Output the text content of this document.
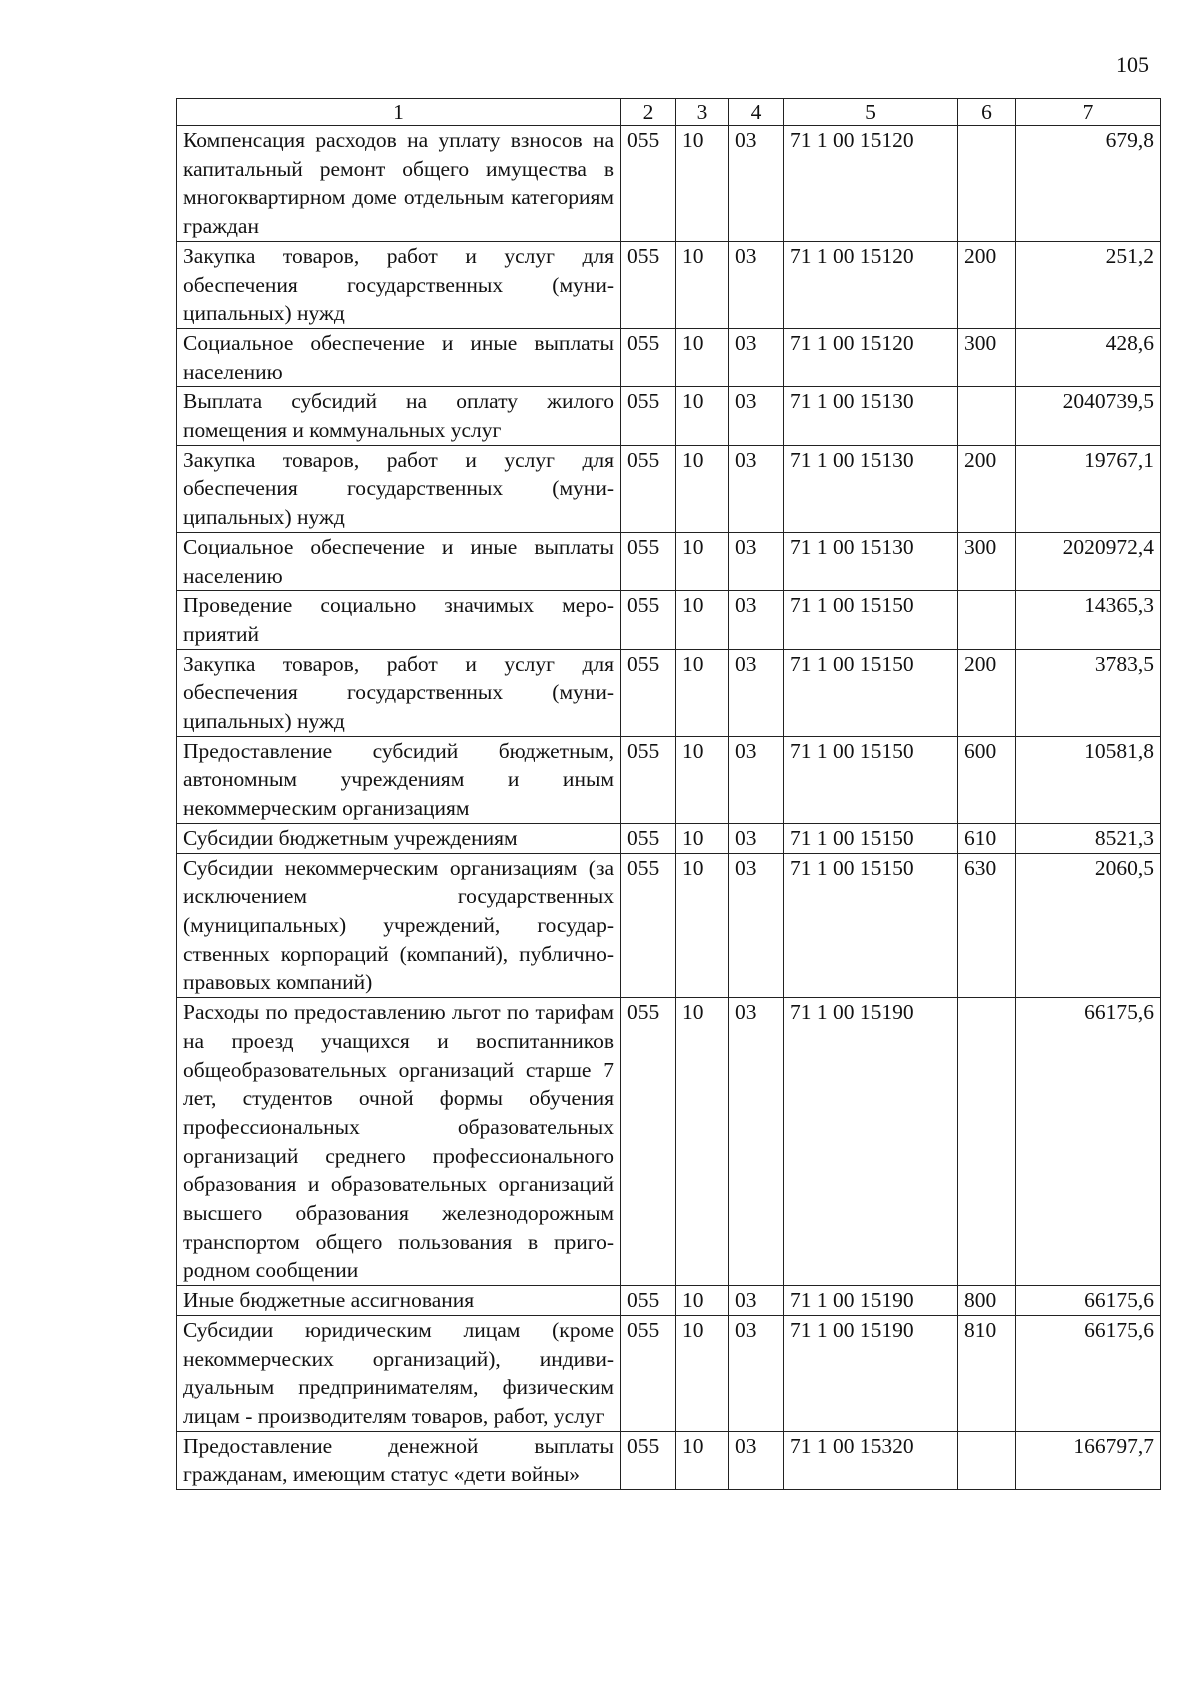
105
1	2	3	4	5	6	7
Компенсация расходов на уплату взносов на капитальный ремонт общего имущества в многоквартирном доме отдельным категориям граждан	055	10	03	71 1 00 15120		679,8
Закупка товаров, работ и услуг для обеспечения государственных (муниципальных) нужд	055	10	03	71 1 00 15120	200	251,2
Социальное обеспечение и иные выплаты населению	055	10	03	71 1 00 15120	300	428,6
Выплата субсидий на оплату жилого помещения и коммунальных услуг	055	10	03	71 1 00 15130		2040739,5
Закупка товаров, работ и услуг для обеспечения государственных (муниципальных) нужд	055	10	03	71 1 00 15130	200	19767,1
Социальное обеспечение и иные выплаты населению	055	10	03	71 1 00 15130	300	2020972,4
Проведение социально значимых мероприятий	055	10	03	71 1 00 15150		14365,3
Закупка товаров, работ и услуг для обеспечения государственных (муниципальных) нужд	055	10	03	71 1 00 15150	200	3783,5
Предоставление субсидий бюджетным, автономным учреждениям и иным некоммерческим организациям	055	10	03	71 1 00 15150	600	10581,8
Субсидии бюджетным учреждениям	055	10	03	71 1 00 15150	610	8521,3
Субсидии некоммерческим организациям (за исключением государственных (муниципальных) учреждений, государственных корпораций (компаний), публично-правовых компаний)	055	10	03	71 1 00 15150	630	2060,5
Расходы по предоставлению льгот по тарифам на проезд учащихся и воспитанников общеобразовательных организаций старше 7 лет, студентов очной формы обучения профессиональных образовательных организаций среднего профессионального образования и образовательных организаций высшего образования железнодорожным транспортом общего пользования в пригородном сообщении	055	10	03	71 1 00 15190		66175,6
Иные бюджетные ассигнования	055	10	03	71 1 00 15190	800	66175,6
Субсидии юридическим лицам (кроме некоммерческих организаций), индивидуальным предпринимателям, физическим лицам - производителям товаров, работ, услуг	055	10	03	71 1 00 15190	810	66175,6
Предоставление денежной выплаты гражданам, имеющим статус «дети войны»	055	10	03	71 1 00 15320		166797,7
